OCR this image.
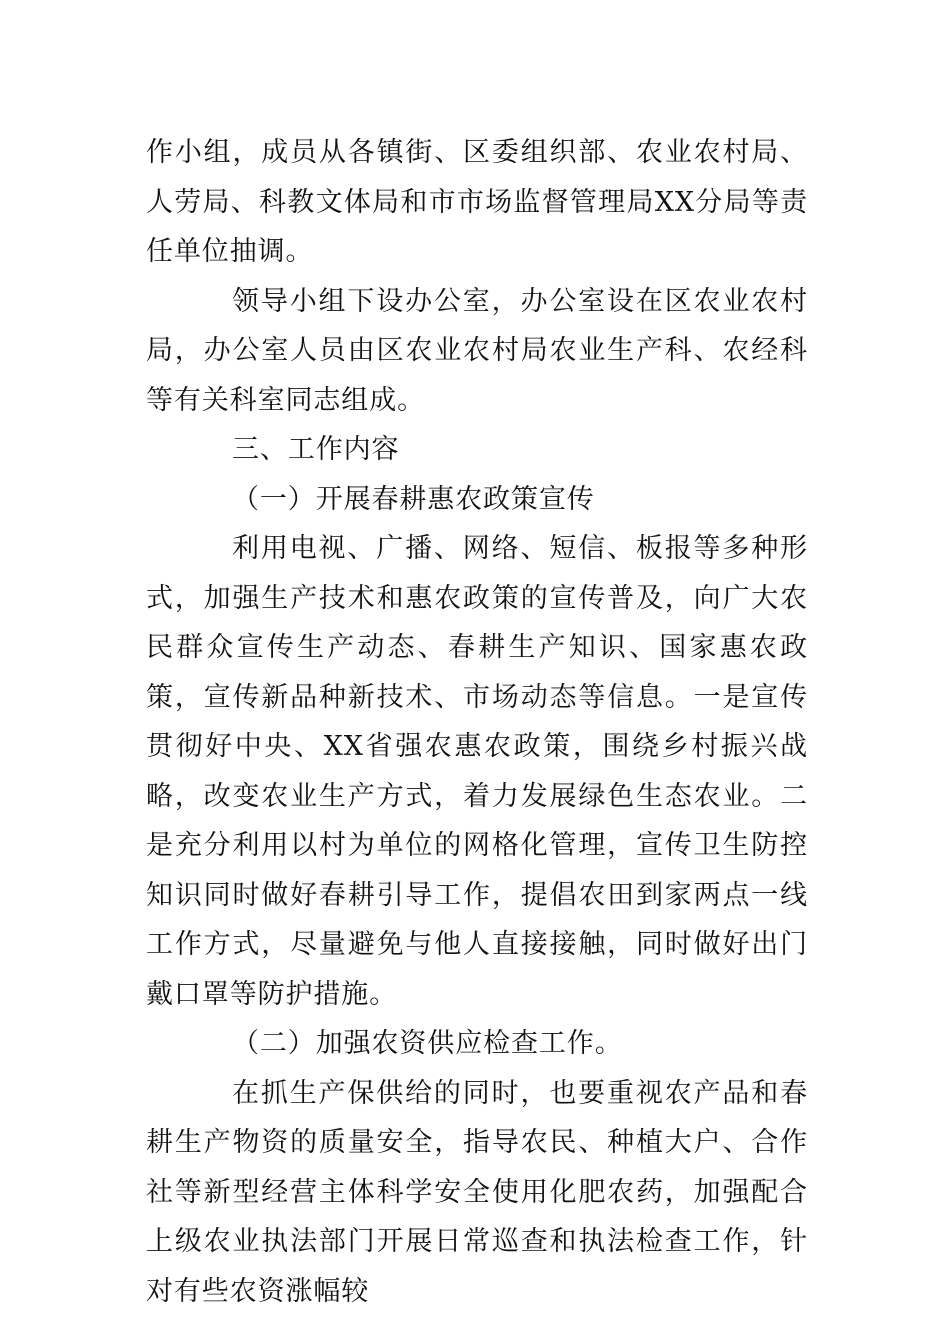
作小组，成员从各镇街、区委组织部、农业农村局、人劳局、科教文体局和市市场监督管理局XX分局等责任单位抽调。

领导小组下设办公室，办公室设在区农业农村局，办公室人员由区农业农村局农业生产科、农经科等有关科室同志组成。

三、工作内容

（一）开展春耕惠农政策宣传

利用电视、广播、网络、短信、板报等多种形式，加强生产技术和惠农政策的宣传普及，向广大农民群众宣传生产动态、春耕生产知识、国家惠农政策，宣传新品种新技术、市场动态等信息。一是宣传贯彻好中央、XX省强农惠农政策，围绕乡村振兴战略，改变农业生产方式，着力发展绿色生态农业。二是充分利用以村为单位的网格化管理，宣传卫生防控知识同时做好春耕引导工作，提倡农田到家两点一线工作方式，尽量避免与他人直接接触，同时做好出门戴口罩等防护措施。

（二）加强农资供应检查工作。

在抓生产保供给的同时，也要重视农产品和春耕生产物资的质量安全，指导农民、种植大户、合作社等新型经营主体科学安全使用化肥农药，加强配合上级农业执法部门开展日常巡查和执法检查工作，针对有些农资涨幅较
